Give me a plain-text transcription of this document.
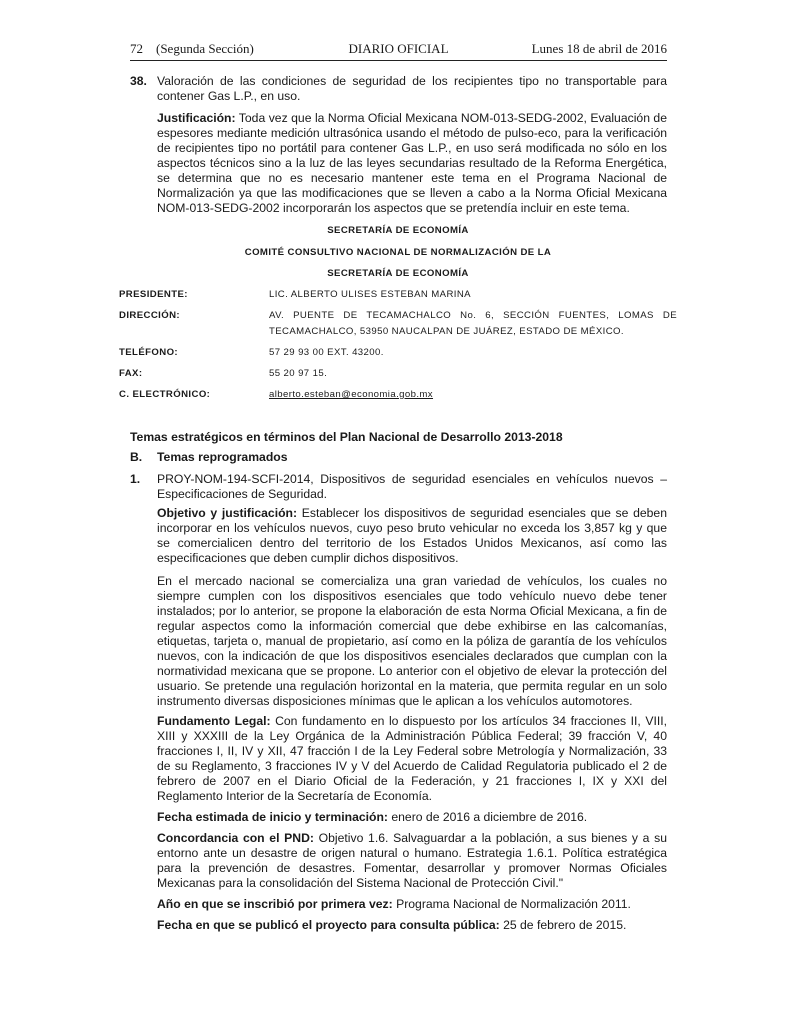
72 (Segunda Sección)	DIARIO OFICIAL	Lunes 18 de abril de 2016
38. Valoración de las condiciones de seguridad de los recipientes tipo no transportable para contener Gas L.P., en uso.

Justificación: Toda vez que la Norma Oficial Mexicana NOM-013-SEDG-2002, Evaluación de espesores mediante medición ultrasónica usando el método de pulso-eco, para la verificación de recipientes tipo no portátil para contener Gas L.P., en uso será modificada no sólo en los aspectos técnicos sino a la luz de las leyes secundarias resultado de la Reforma Energética, se determina que no es necesario mantener este tema en el Programa Nacional de Normalización ya que las modificaciones que se lleven a cabo a la Norma Oficial Mexicana NOM-013-SEDG-2002 incorporarán los aspectos que se pretendía incluir en este tema.

SECRETARÍA DE ECONOMÍA
COMITÉ CONSULTIVO NACIONAL DE NORMALIZACIÓN DE LA
SECRETARÍA DE ECONOMÍA
PRESIDENTE:	LIC. ALBERTO ULISES ESTEBAN MARINA
DIRECCIÓN:	AV. PUENTE DE TECAMACHALCO No. 6, SECCIÓN FUENTES, LOMAS DE TECAMACHALCO, 53950 NAUCALPAN DE JUÁREZ, ESTADO DE MÉXICO.
TELÉFONO:	57 29 93 00 EXT. 43200.
FAX:	55 20 97 15.
C. ELECTRÓNICO:	alberto.esteban@economia.gob.mx
Temas estratégicos en términos del Plan Nacional de Desarrollo 2013-2018
B. Temas reprogramados
1. PROY-NOM-194-SCFI-2014, Dispositivos de seguridad esenciales en vehículos nuevos – Especificaciones de Seguridad.

Objetivo y justificación: Establecer los dispositivos de seguridad esenciales que se deben incorporar en los vehículos nuevos, cuyo peso bruto vehicular no exceda los 3,857 kg y que se comercialicen dentro del territorio de los Estados Unidos Mexicanos, así como las especificaciones que deben cumplir dichos dispositivos.

En el mercado nacional se comercializa una gran variedad de vehículos, los cuales no siempre cumplen con los dispositivos esenciales que todo vehículo nuevo debe tener instalados; por lo anterior, se propone la elaboración de esta Norma Oficial Mexicana, a fin de regular aspectos como la información comercial que debe exhibirse en las calcomanías, etiquetas, tarjeta o, manual de propietario, así como en la póliza de garantía de los vehículos nuevos, con la indicación de que los dispositivos esenciales declarados que cumplan con la normatividad mexicana que se propone. Lo anterior con el objetivo de elevar la protección del usuario. Se pretende una regulación horizontal en la materia, que permita regular en un solo instrumento diversas disposiciones mínimas que le aplican a los vehículos automotores.

Fundamento Legal: Con fundamento en lo dispuesto por los artículos 34 fracciones II, VIII, XIII y XXXIII de la Ley Orgánica de la Administración Pública Federal; 39 fracción V, 40 fracciones I, II, IV y XII, 47 fracción I de la Ley Federal sobre Metrología y Normalización, 33 de su Reglamento, 3 fracciones IV y V del Acuerdo de Calidad Regulatoria publicado el 2 de febrero de 2007 en el Diario Oficial de la Federación, y 21 fracciones I, IX y XXI del Reglamento Interior de la Secretaría de Economía.

Fecha estimada de inicio y terminación: enero de 2016 a diciembre de 2016.

Concordancia con el PND: Objetivo 1.6. Salvaguardar a la población, a sus bienes y a su entorno ante un desastre de origen natural o humano. Estrategia 1.6.1. Política estratégica para la prevención de desastres. Fomentar, desarrollar y promover Normas Oficiales Mexicanas para la consolidación del Sistema Nacional de Protección Civil."

Año en que se inscribió por primera vez: Programa Nacional de Normalización 2011.

Fecha en que se publicó el proyecto para consulta pública: 25 de febrero de 2015.
